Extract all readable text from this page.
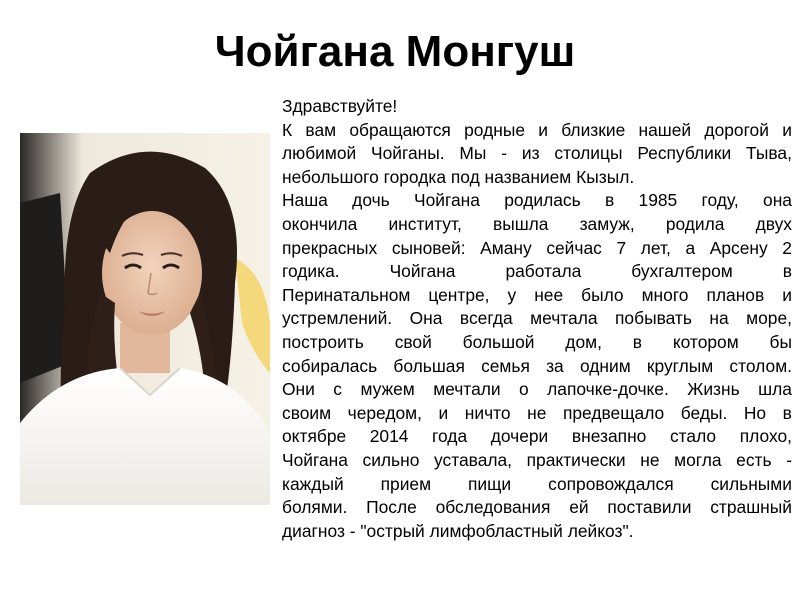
Чойгана Монгуш
Retrica
Здравствуйте!
К вам обращаются родные и близкие нашей дорогой и
любимой Чойганы. Мы - из столицы Республики Тыва,
небольшого городка под названием Кызыл.
Наша дочь Чойгана родилась в 1985 году, она
окончила институт, вышла замуж, родила двух
прекрасных сыновей: Аману сейчас 7 лет, а Арсену 2
годика.	Чойгана	работала	бухгалтером	в
Перинатальном центре, у нее было много планов и
устремлений. Она всегда мечтала побывать на море,
построить свой большой дом, в котором бы
собиралась большая семья за одним круглым столом.
Они с мужем мечтали о лапочке-дочке. Жизнь шла
своим чередом, и ничто не предвещало беды. Но в
октябре 2014 года дочери внезапно стало плохо,
Чойгана сильно уставала, практически не могла есть -
каждый прием пищи сопровождался сильными
болями. После обследования ей поставили страшный
диагноз - "острый лимфобластный лейкоз".
